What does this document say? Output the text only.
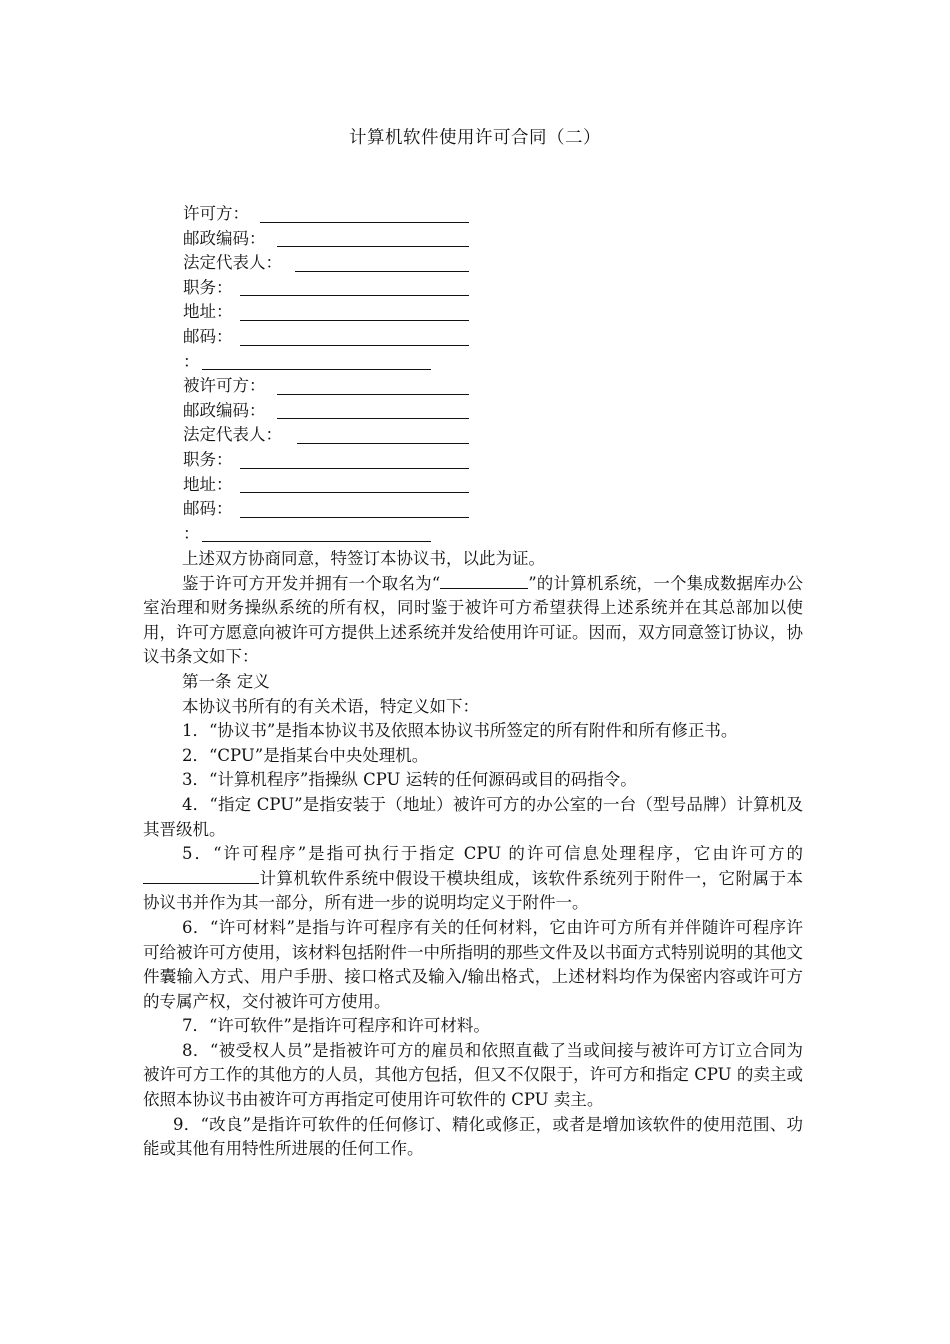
计算机软件使用许可合同（二）
许可方：
邮政编码：
法定代表人：
职务：
地址：
邮码：
：
被许可方：
邮政编码：
法定代表人：
职务：
地址：
邮码：
：

上述双方协商同意，特签订本协议书，以此为证。

鉴于许可方开发并拥有一个取名为“	”的计算机系统，一个集成数据库办公室治理和财务操纵系统的所有权，同时鉴于被许可方希望获得上述系统并在其总部加以使用，许可方愿意向被许可方提供上述系统并发给使用许可证。因而，双方同意签订协议，协议书条文如下：

第一条 定义

本协议书所有的有关术语，特定义如下：

1．“协议书”是指本协议书及依照本协议书所签定的所有附件和所有修正书。

2．“CPU”是指某台中央处理机。

3．“计算机程序”指操纵 CPU 运转的任何源码或目的码指令。

4．“指定 CPU”是指安装于（地址）被许可方的办公室的一台（型号品牌）计算机及其晋级机。

5．“许可程序”是指可执行于指定 CPU 的许可信息处理程序，它由许可方的计算机软件系统中假设干模块组成，该软件系统列于附件一，它附属于本协议书并作为其一部分，所有进一步的说明均定义于附件一。

6．“许可材料”是指与许可程序有关的任何材料，它由许可方所有并伴随许可程序许可给被许可方使用，该材料包括附件一中所指明的那些文件及以书面方式特别说明的其他文件囊输入方式、用户手册、接口格式及输入/输出格式，上述材料均作为保密内容或许可方的专属产权，交付被许可方使用。

7．“许可软件”是指许可程序和许可材料。

8．“被受权人员”是指被许可方的雇员和依照直截了当或间接与被许可方订立合同为被许可方工作的其他方的人员，其他方包括，但又不仅限于，许可方和指定 CPU 的卖主或依照本协议书由被许可方再指定可使用许可软件的 CPU 卖主。

9．“改良”是指许可软件的任何修订、精化或修正，或者是增加该软件的使用范围、功能或其他有用特性所进展的任何工作。
